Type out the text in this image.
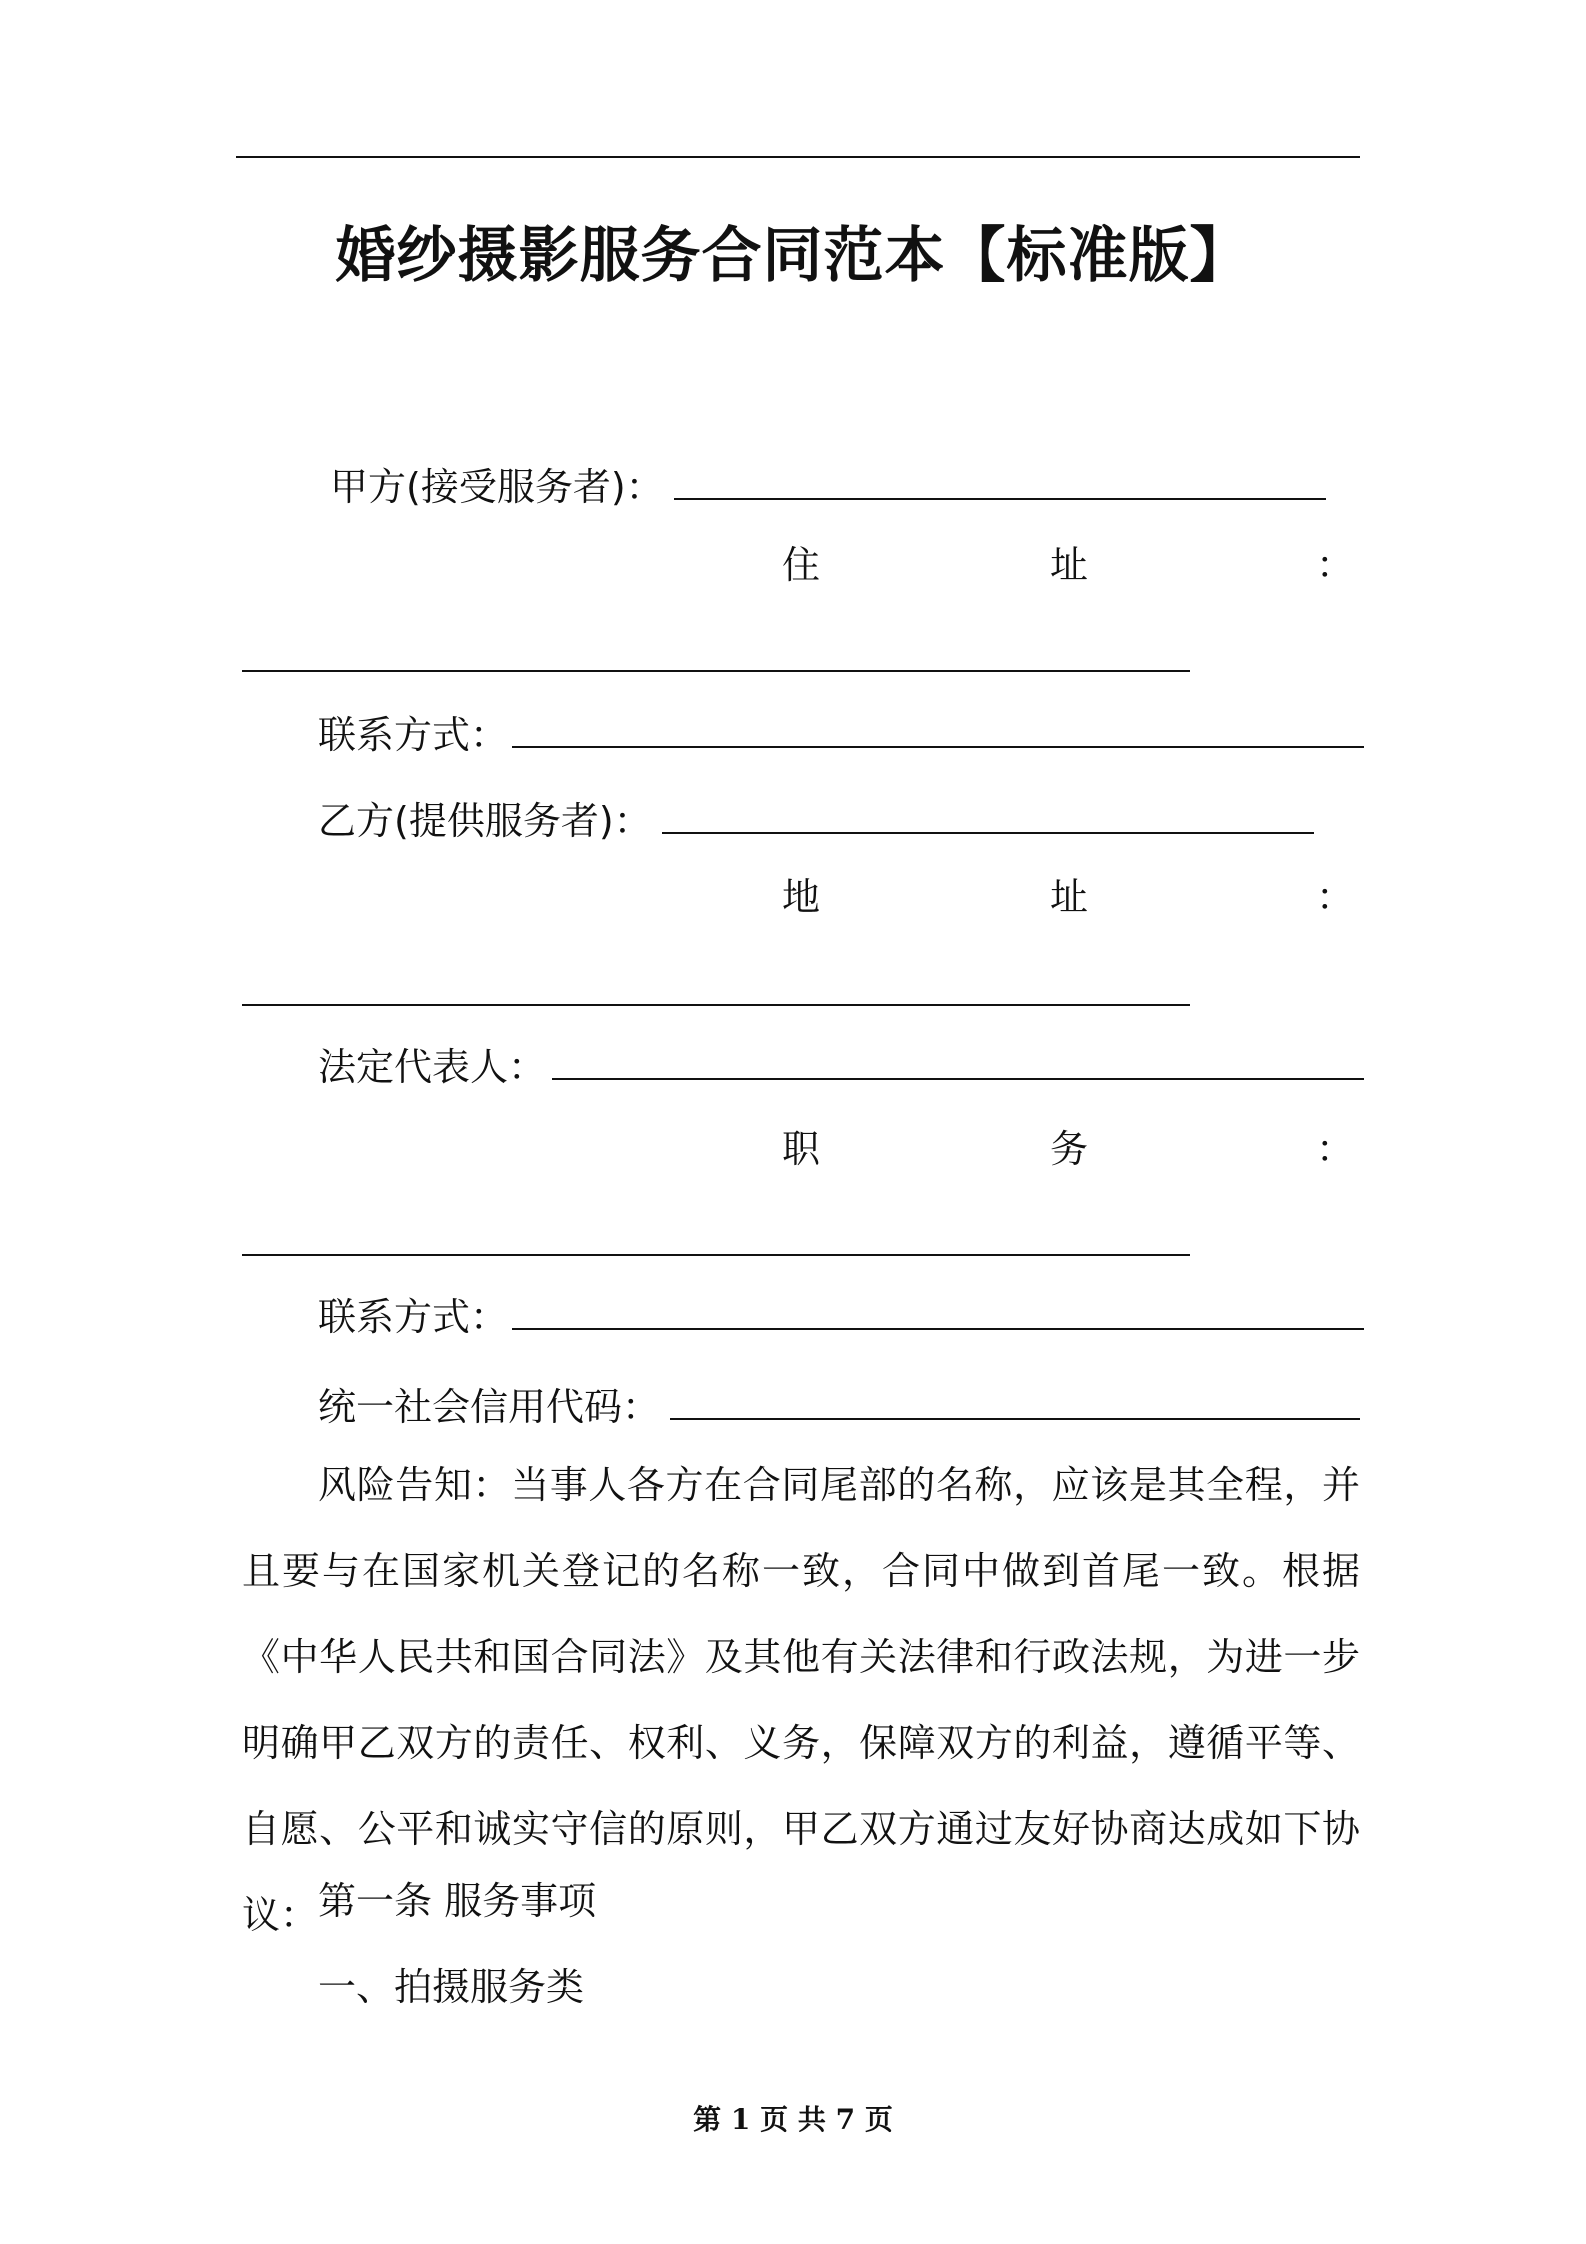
婚纱摄影服务合同范本【标准版】
甲方(接受服务者)：
住	址	：
联系方式：
乙方(提供服务者)：
地	址	：
法定代表人：
职	务	：
联系方式：
统一社会信用代码：
风险告知：当事人各方在合同尾部的名称，应该是其全程，并且要与在国家机关登记的名称一致，合同中做到首尾一致。根据《中华人民共和国合同法》及其他有关法律和行政法规，为进一步明确甲乙双方的责任、权利、义务，保障双方的利益，遵循平等、自愿、公平和诚实守信的原则，甲乙双方通过友好协商达成如下协议： 第一条 服务事项
一、拍摄服务类
第 1 页 共 7 页
